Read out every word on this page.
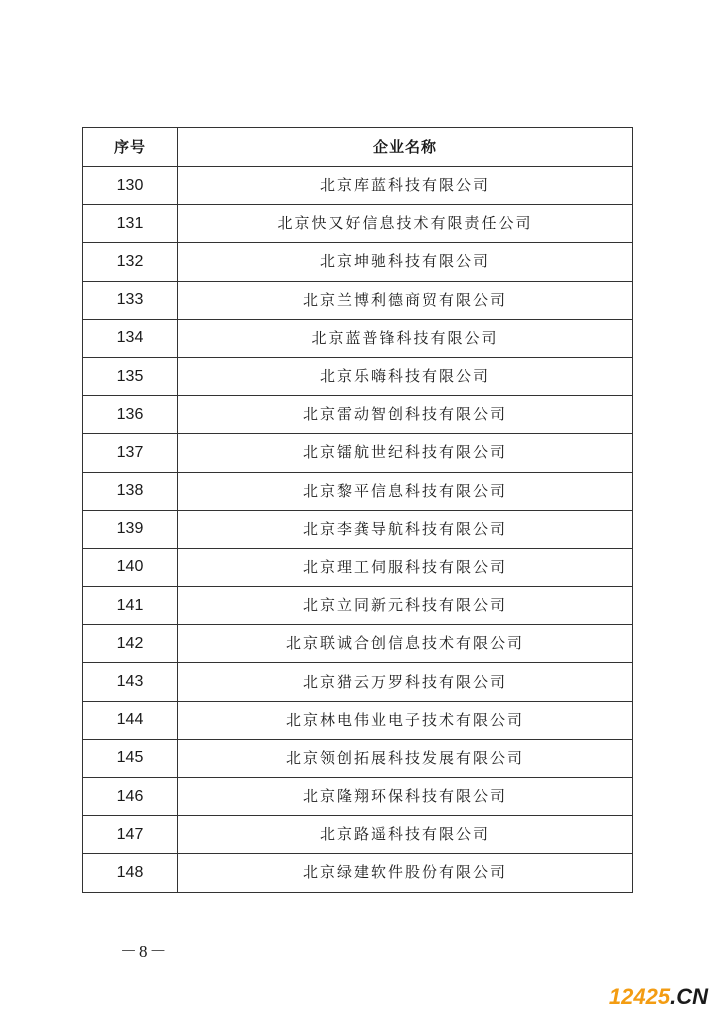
序号	企业名称
130	北京库蓝科技有限公司
131	北京快又好信息技术有限责任公司
132	北京坤驰科技有限公司
133	北京兰博利德商贸有限公司
134	北京蓝普锋科技有限公司
135	北京乐嗨科技有限公司
136	北京雷动智创科技有限公司
137	北京镭航世纪科技有限公司
138	北京黎平信息科技有限公司
139	北京李龚导航科技有限公司
140	北京理工伺服科技有限公司
141	北京立同新元科技有限公司
142	北京联诚合创信息技术有限公司
143	北京猎云万罗科技有限公司
144	北京林电伟业电子技术有限公司
145	北京领创拓展科技发展有限公司
146	北京隆翔环保科技有限公司
147	北京路遥科技有限公司
148	北京绿建软件股份有限公司
－8－
12425.CN
